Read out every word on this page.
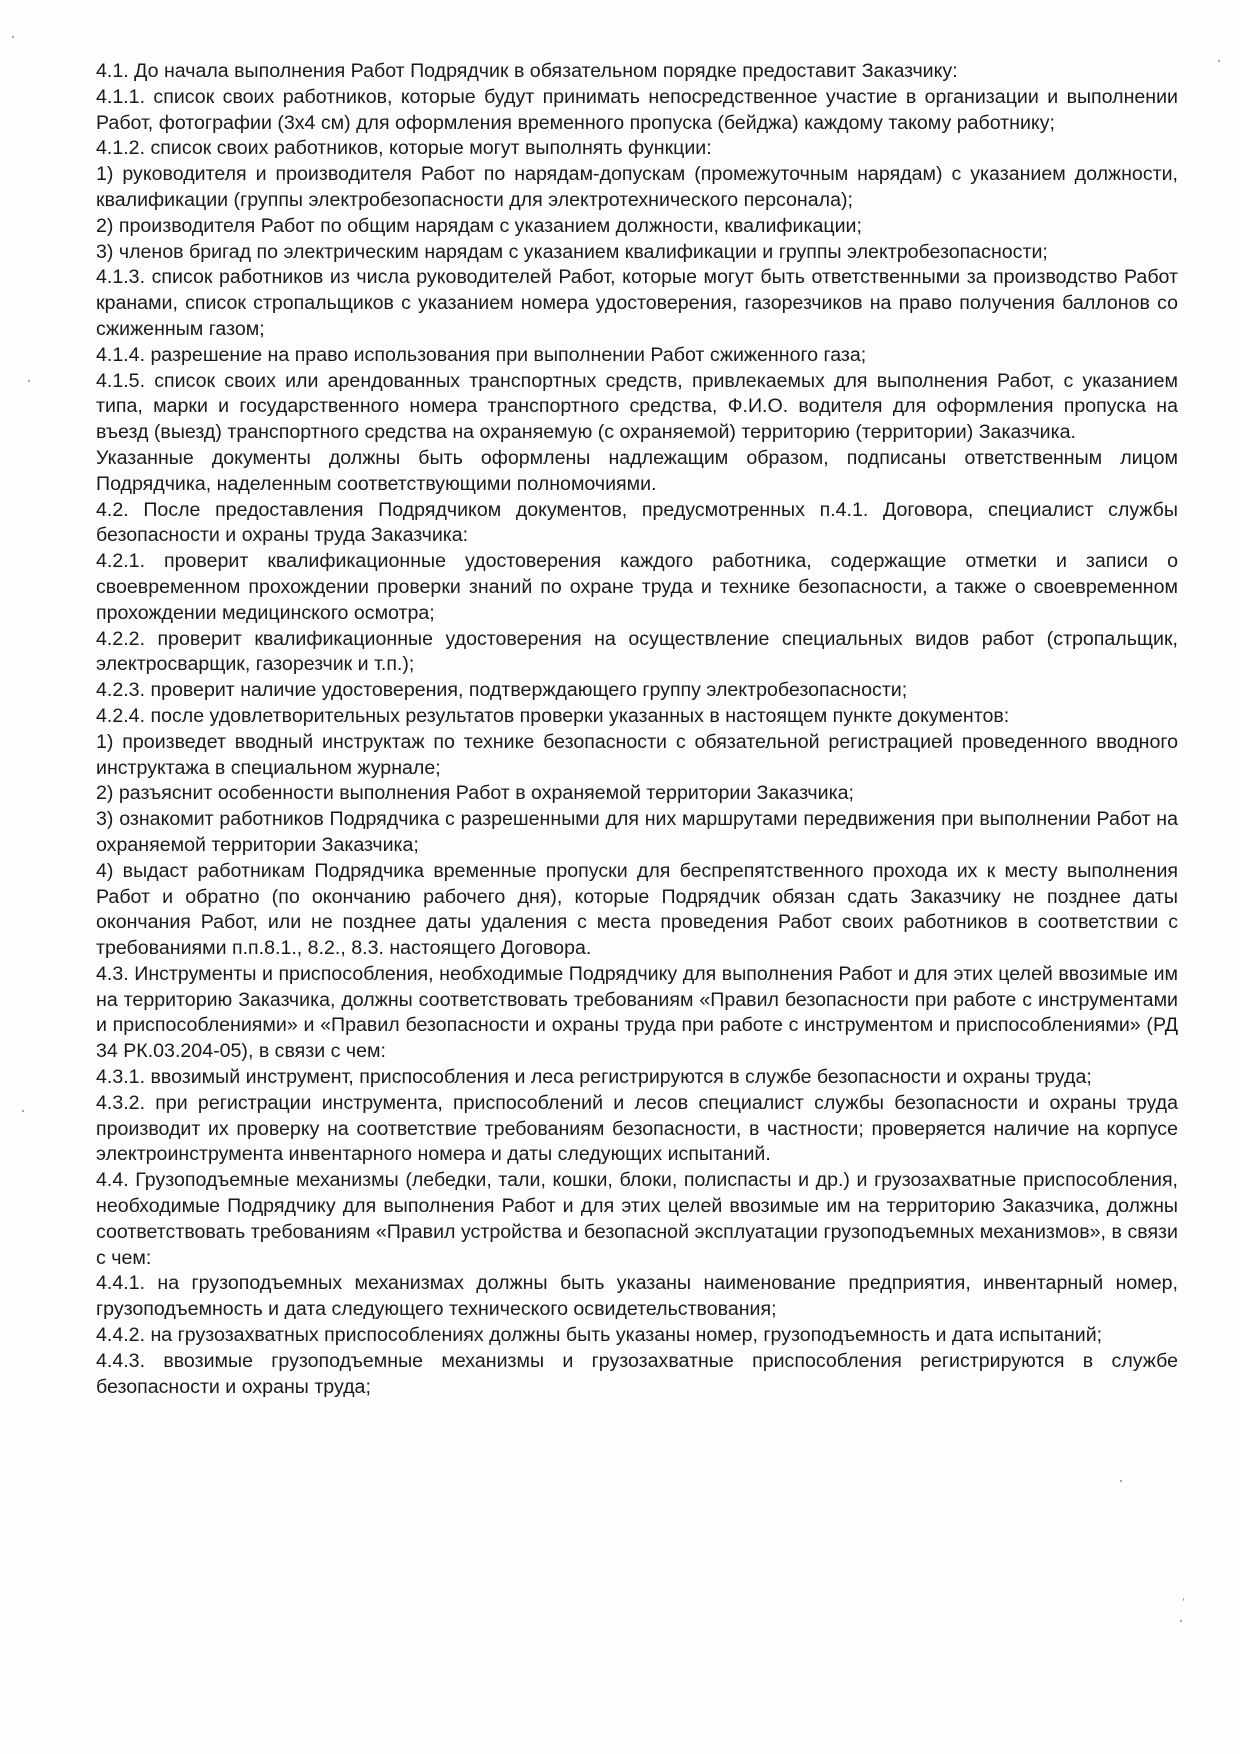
4.1. До начала выполнения Работ Подрядчик в обязательном порядке предоставит Заказчику:

4.1.1. список своих работников, которые будут принимать непосредственное участие в организации и выполнении Работ, фотографии (3х4 см) для оформления временного пропуска (бейджа) каждому такому работнику;

4.1.2. список своих работников, которые могут выполнять функции:

1) руководителя и производителя Работ по нарядам-допускам (промежуточным нарядам) с указанием должности, квалификации (группы электробезопасности для электротехнического персонала);

2) производителя Работ по общим нарядам с указанием должности, квалификации;

3) членов бригад по электрическим нарядам с указанием квалификации и группы электробезопасности;

4.1.3. список работников из числа руководителей Работ, которые могут быть ответственными за производство Работ кранами, список стропальщиков с указанием номера удостоверения, газорезчиков на право получения баллонов со сжиженным газом;

4.1.4. разрешение на право использования при выполнении Работ сжиженного газа;

4.1.5. список своих или арендованных транспортных средств, привлекаемых для выполнения Работ, с указанием типа, марки и государственного номера транспортного средства, Ф.И.О. водителя для оформления пропуска на въезд (выезд) транспортного средства на охраняемую (с охраняемой) территорию (территории) Заказчика.

Указанные документы должны быть оформлены надлежащим образом, подписаны ответственным лицом Подрядчика, наделенным соответствующими полномочиями.

4.2. После предоставления Подрядчиком документов, предусмотренных п.4.1. Договора, специалист службы безопасности и охраны труда Заказчика:

4.2.1. проверит квалификационные удостоверения каждого работника, содержащие отметки и записи о своевременном прохождении проверки знаний по охране труда и технике безопасности, а также о своевременном прохождении медицинского осмотра;

4.2.2. проверит квалификационные удостоверения на осуществление специальных видов работ (стропальщик, электросварщик, газорезчик и т.п.);

4.2.3. проверит наличие удостоверения, подтверждающего группу электробезопасности;

4.2.4. после удовлетворительных результатов проверки указанных в настоящем пункте документов:

1) произведет вводный инструктаж по технике безопасности с обязательной регистрацией проведенного вводного инструктажа в специальном журнале;

2) разъяснит особенности выполнения Работ в охраняемой территории Заказчика;

3) ознакомит работников Подрядчика с разрешенными для них маршрутами передвижения при выполнении Работ на охраняемой территории Заказчика;

4) выдаст работникам Подрядчика временные пропуски для беспрепятственного прохода их к месту выполнения Работ и обратно (по окончанию рабочего дня), которые Подрядчик обязан сдать Заказчику не позднее даты окончания Работ, или не позднее даты удаления с места проведения Работ своих работников в соответствии с требованиями п.п.8.1., 8.2., 8.3. настоящего Договора.

4.3. Инструменты и приспособления, необходимые Подрядчику для выполнения Работ и для этих целей ввозимые им на территорию Заказчика, должны соответствовать требованиям «Правил безопасности при работе с инструментами и приспособлениями» и «Правил безопасности и охраны труда при работе с инструментом и приспособлениями» (РД 34 РК.03.204-05), в связи с чем:

4.3.1. ввозимый инструмент, приспособления и леса регистрируются в службе безопасности и охраны труда;

4.3.2. при регистрации инструмента, приспособлений и лесов специалист службы безопасности и охраны труда производит их проверку на соответствие требованиям безопасности, в частности; проверяется наличие на корпусе электроинструмента инвентарного номера и даты следующих испытаний.

4.4. Грузоподъемные механизмы (лебедки, тали, кошки, блоки, полиспасты и др.) и грузозахватные приспособления, необходимые Подрядчику для выполнения Работ и для этих целей ввозимые им на территорию Заказчика, должны соответствовать требованиям «Правил устройства и безопасной эксплуатации грузоподъемных механизмов», в связи с чем:

4.4.1. на грузоподъемных механизмах должны быть указаны наименование предприятия, инвентарный номер, грузоподъемность и дата следующего технического освидетельствования;

4.4.2. на грузозахватных приспособлениях должны быть указаны номер, грузоподъемность и дата испытаний;

4.4.3. ввозимые грузоподъемные механизмы и грузозахватные приспособления регистрируются в службе безопасности и охраны труда;
